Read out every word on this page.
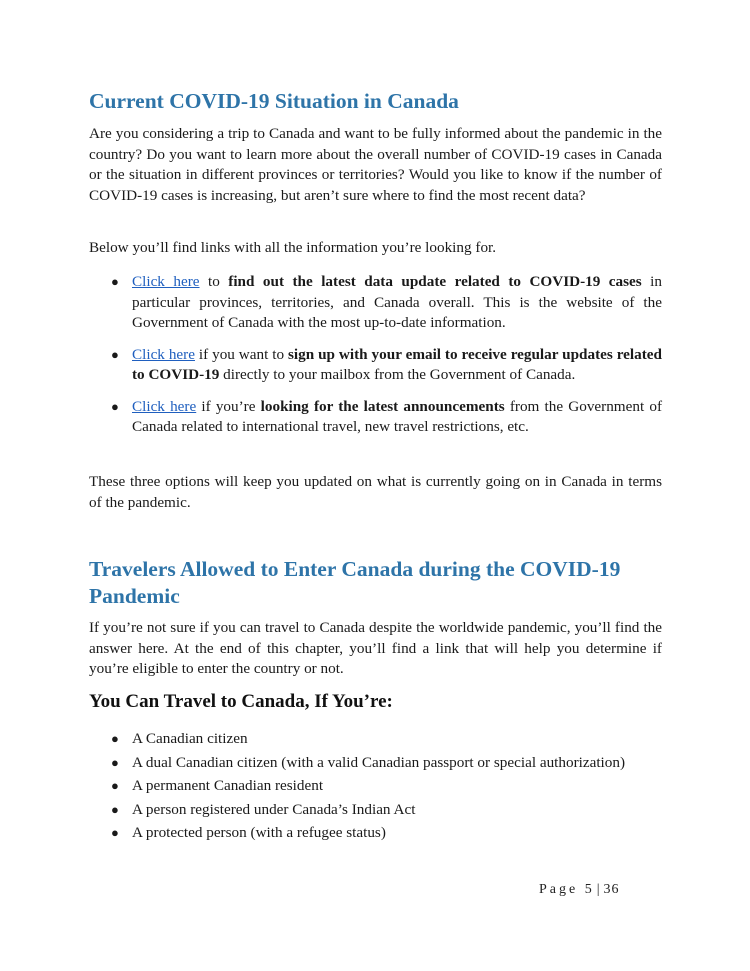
Current COVID-19 Situation in Canada

Are you considering a trip to Canada and want to be fully informed about the pandemic in the country? Do you want to learn more about the overall number of COVID-19 cases in Canada or the situation in different provinces or territories? Would you like to know if the number of COVID-19 cases is increasing, but aren’t sure where to find the most recent data?

Below you’ll find links with all the information you’re looking for.

● Click here to find out the latest data update related to COVID-19 cases in particular provinces, territories, and Canada overall. This is the website of the Government of Canada with the most up-to-date information.
● Click here if you want to sign up with your email to receive regular updates related to COVID-19 directly to your mailbox from the Government of Canada.
● Click here if you’re looking for the latest announcements from the Government of Canada related to international travel, new travel restrictions, etc.

These three options will keep you updated on what is currently going on in Canada in terms of the pandemic.

Travelers Allowed to Enter Canada during the COVID-19 Pandemic

If you’re not sure if you can travel to Canada despite the worldwide pandemic, you’ll find the answer here. At the end of this chapter, you’ll find a link that will help you determine if you’re eligible to enter the country or not.

You Can Travel to Canada, If You’re:
● A Canadian citizen
● A dual Canadian citizen (with a valid Canadian passport or special authorization)
● A permanent Canadian resident
● A person registered under Canada’s Indian Act
● A protected person (with a refugee status)
Page 5 | 36
